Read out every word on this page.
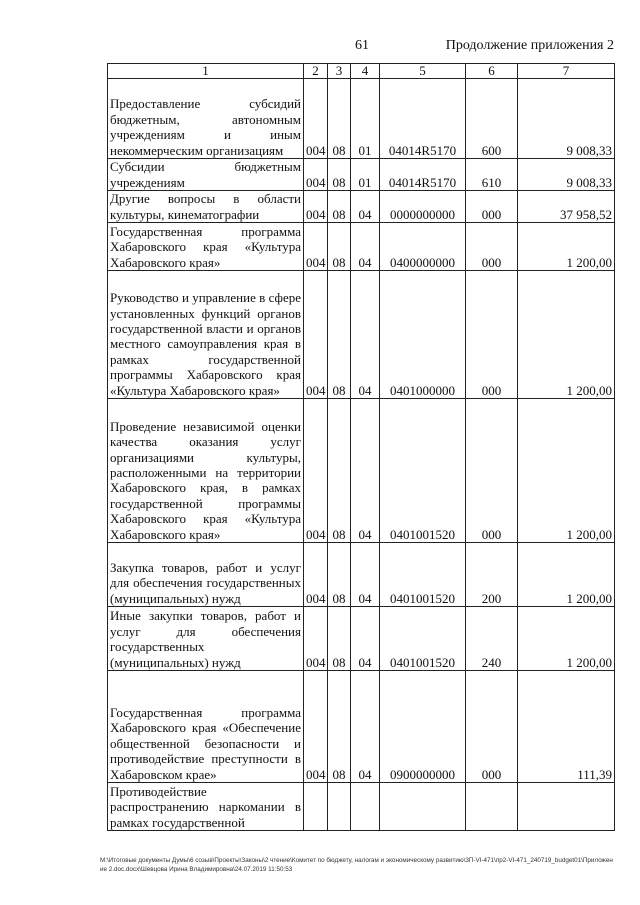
61	Продолжение приложения 2
1	2	3	4	5	6	7
Предоставление субсидий бюджетным, автономным учреждениям и иным некоммерческим организациям	004	08	01	04014R5170	600	9 008,33
Субсидии бюджетным учреждениям	004	08	01	04014R5170	610	9 008,33
Другие вопросы в области культуры, кинематографии	004	08	04	0000000000	000	37 958,52
Государственная программа Хабаровского края «Культура Хабаровского края»	004	08	04	0400000000	000	1 200,00
Руководство и управление в сфере установленных функций органов государственной власти и органов местного самоуправления края в рамках государственной программы Хабаровского края «Культура Хабаровского края»	004	08	04	0401000000	000	1 200,00
Проведение независимой оценки качества оказания услуг организациями культуры, расположенными на территории Хабаровского края, в рамках государственной программы Хабаровского края «Культура Хабаровского края»	004	08	04	0401001520	000	1 200,00
Закупка товаров, работ и услуг для обеспечения государственных (муниципальных) нужд	004	08	04	0401001520	200	1 200,00
Иные закупки товаров, работ и услуг для обеспечения государственных (муниципальных) нужд	004	08	04	0401001520	240	1 200,00
Государственная программа Хабаровского края «Обеспечение общественной безопасности и противодействие преступности в Хабаровском крае»	004	08	04	0900000000	000	111,39
Противодействие распространению наркомании в рамках государственной						
M:\Итоговые документы Думы\6 созыв\Проекты\Законы\2 чтение\Комитет по бюджету, налогам и экономическому развитию\3П-VI-471\пр2-VI-471_240719_budget01\Приложение 2.doc.docx\Шевцова Ирина Владимировна\24.07.2019 11:50:53
